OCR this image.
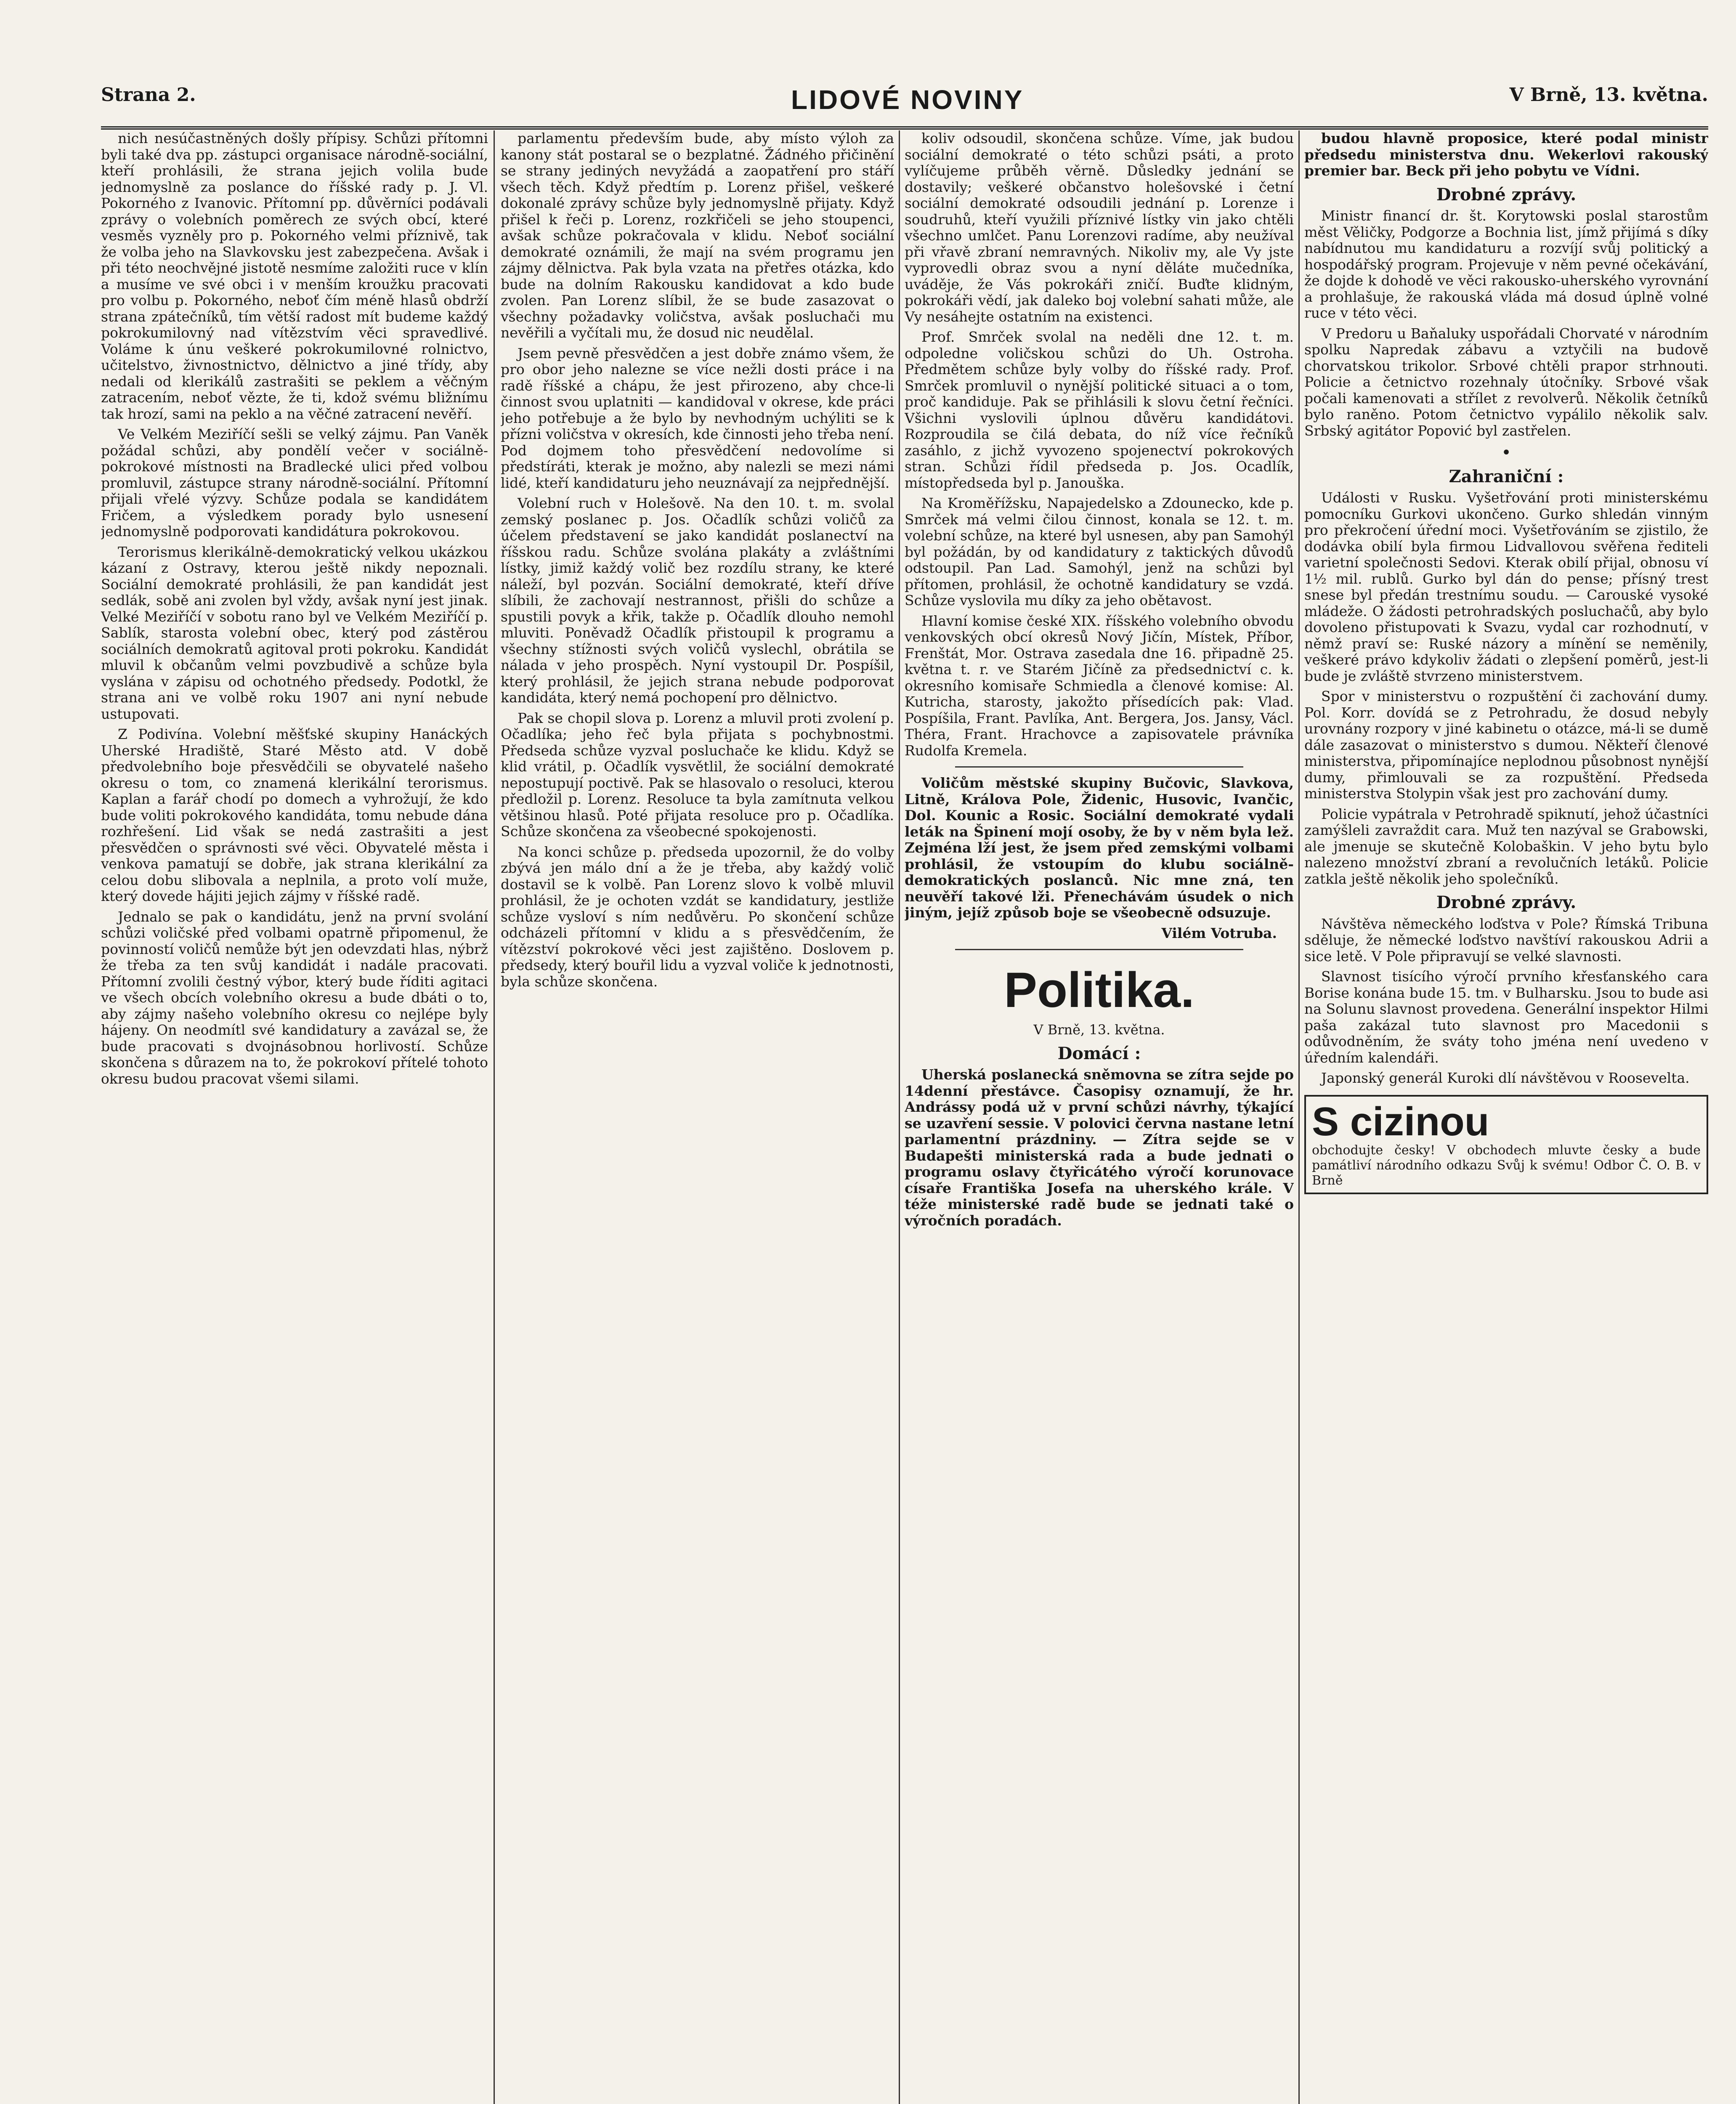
Strana 2.	LIDOVÉ NOVINY	V Brně, 13. května.

nich nesúčastněných došly přípisy. Schůzi přítomni byli také dva pp. zástupci organisace národně-sociální, kteří prohlásili, že strana jejich volila bude jednomyslně za poslance do říšské rady p. J. Vl. Pokorného z Ivanovic. Přítomní pp. důvěrníci podávali zprávy o volebních poměrech ze svých obcí, které vesměs vyzněly pro p. Pokorného velmi příznivě, tak že volba jeho na Slavkovsku jest zabezpečena. Avšak i při této neochvějné jistotě nesmíme založiti ruce v klín a musíme ve své obci i v menším kroužku pracovati pro volbu p. Pokorného, neboť čím méně hlasů obdrží strana zpátečníků, tím větší radost mít budeme každý pokrokumilovný nad vítězstvím věci spravedlivé. Voláme k únu veškeré pokrokumilovné rolnictvo, učitelstvo, živnostnictvo, dělnictvo a jiné třídy, aby nedali od klerikálů zastrašiti se peklem a věčným zatracením, neboť vězte, že ti, kdož svému bližnímu tak hrozí, sami na peklo a na věčné zatracení nevěří.

Ve Velkém Meziříčí sešli se velký zájmu. Pan Vaněk požádal schůzi, aby pondělí večer v sociálně-pokrokové místnosti na Bradlecké ulici před volbou promluvil, zástupce strany národně-sociální. Přítomní přijali vřelé výzvy. Schůze podala se kandidátem Fričem, a výsledkem porady bylo usnesení jednomyslně podporovati kandidátura pokrokovou.

Terorismus klerikálně-demokratický velkou ukázkou kázaní z Ostravy, kterou ještě nikdy nepoznali. Sociální demokraté prohlásili, že pan kandidát jest sedlák, sobě ani zvolen byl vždy, avšak nyní jest jinak. Velké Meziříčí v sobotu rano byl ve Velkém Meziříčí p. Sablík, starosta volební obec, který pod zástěrou sociálních demokratů agitoval proti pokroku. Kandidát mluvil k občanům velmi povzbudivě a schůze byla vyslána v zápisu od ochotného předsedy. Podotkl, že strana ani ve volbě roku 1907 ani nyní nebude ustupovati.

Z Podivína. Volební měšťské skupiny Hanáckých Uherské Hradiště, Staré Město atd. V době předvolebního boje přesvědčili se obyvatelé našeho okresu o tom, co znamená klerikální terorismus. Kaplan a farář chodí po domech a vyhrožují, že kdo bude voliti pokrokového kandidáta, tomu nebude dána rozhřešení. Lid však se nedá zastrašiti a jest přesvědčen o správnosti své věci. Obyvatelé města i venkova pamatují se dobře, jak strana klerikální za celou dobu slibovala a neplnila, a proto volí muže, který dovede hájiti jejich zájmy v říšské radě.

Jednalo se pak o kandidátu, jenž na první svolání schůzi voličské před volbami opatrně připomenul, že povinností voličů nemůže být jen odevzdati hlas, nýbrž že třeba za ten svůj kandidát i nadále pracovati. Přítomní zvolili čestný výbor, který bude říditi agitaci ve všech obcích volebního okresu a bude dbáti o to, aby zájmy našeho volebního okresu co nejlépe byly hájeny. On neodmítl své kandidatury a zavázal se, že bude pracovati s dvojnásobnou horlivostí. Schůze skončena s důrazem na to, že pokrokoví přítelé tohoto okresu budou pracovat všemi silami.

parlamentu především bude, aby místo výloh za kanony stát postaral se o bezplatné. Žádného přičinění se strany jediných nevyžádá a zaopatření pro stáří všech těch. Když předtím p. Lorenz přišel, veškeré dokonalé zprávy schůze byly jednomyslně přijaty. Když přišel k řeči p. Lorenz, rozkřičeli se jeho stoupenci, avšak schůze pokračovala v klidu. Neboť sociální demokraté oznámili, že mají na svém programu jen zájmy dělnictva. Pak byla vzata na přetřes otázka, kdo bude na dolním Rakousku kandidovat a kdo bude zvolen. Pan Lorenz slíbil, že se bude zasazovat o všechny požadavky voličstva, avšak posluchači mu nevěřili a vyčítali mu, že dosud nic neudělal.

Jsem pevně přesvědčen a jest dobře známo všem, že pro obor jeho nalezne se více nežli dosti práce i na radě říšské a chápu, že jest přirozeno, aby chce-li činnost svou uplatniti — kandidoval v okrese, kde práci jeho potřebuje a že bylo by nevhodným uchýliti se k přízni voličstva v okresích, kde činnosti jeho třeba není. Pod dojmem toho přesvědčení nedovolíme si předstíráti, kterak je možno, aby nalezli se mezi námi lidé, kteří kandidaturu jeho neuznávají za nejpřednější.

Volební ruch v Holešově. Na den 10. t. m. svolal zemský poslanec p. Jos. Očadlík schůzi voličů za účelem představení se jako kandidát poslanectví na říšskou radu. Schůze svolána plakáty a zvláštními lístky, jimiž každý volič bez rozdílu strany, ke které náleží, byl pozván. Sociální demokraté, kteří dříve slíbili, že zachovají nestrannost, přišli do schůze a spustili povyk a křik, takže p. Očadlík dlouho nemohl mluviti. Poněvadž Očadlík přistoupil k programu a všechny stížnosti svých voličů vyslechl, obrátila se nálada v jeho prospěch. Nyní vystoupil Dr. Pospíšil, který prohlásil, že jejich strana nebude podporovat kandidáta, který nemá pochopení pro dělnictvo.

Pak se chopil slova p. Lorenz a mluvil proti zvolení p. Očadlíka; jeho řeč byla přijata s pochybnostmi. Předseda schůze vyzval posluchače ke klidu. Když se klid vrátil, p. Očadlík vysvětlil, že sociální demokraté nepostupují poctivě. Pak se hlasovalo o resoluci, kterou předložil p. Lorenz. Resoluce ta byla zamítnuta velkou většinou hlasů. Poté přijata resoluce pro p. Očadlíka. Schůze skončena za všeobecné spokojenosti.

Na konci schůze p. předseda upozornil, že do volby zbývá jen málo dní a že je třeba, aby každý volič dostavil se k volbě. Pan Lorenz slovo k volbě mluvil prohlásil, že je ochoten vzdát se kandidatury, jestliže schůze vysloví s ním nedůvěru. Po skončení schůze odcházeli přítomní v klidu a s přesvědčením, že vítězství pokrokové věci jest zajištěno. Doslovem p. předsedy, který bouřil lidu a vyzval voliče k jednotnosti, byla schůze skončena.

koliv odsoudil, skončena schůze. Víme, jak budou sociální demokraté o této schůzi psáti, a proto vylíčujeme průběh věrně. Důsledky jednání se dostavily; veškeré občanstvo holešovské i četní sociální demokraté odsoudili jednání p. Lorenze i soudruhů, kteří využili příznivé lístky vin jako chtěli všechno umlčet. Panu Lorenzovi radíme, aby neužíval při vřavě zbraní nemravných. Nikoliv my, ale Vy jste vyprovedli obraz svou a nyní děláte mučedníka, uváděje, že Vás pokrokáři zničí. Buďte klidným, pokrokáři vědí, jak daleko boj volební sahati může, ale Vy nesáhejte ostatním na existenci.

Prof. Smrček svolal na neděli dne 12. t. m. odpoledne voličskou schůzi do Uh. Ostroha. Předmětem schůze byly volby do říšské rady. Prof. Smrček promluvil o nynější politické situaci a o tom, proč kandiduje. Pak se přihlásili k slovu četní řečníci. Všichni vyslovili úplnou důvěru kandidátovi. Rozproudila se čilá debata, do níž více řečníků zasáhlo, z jichž vyvozeno spojenectví pokrokových stran. Schůzi řídil předseda p. Jos. Ocadlík, místopředseda byl p. Janouška.

Na Kroměřížsku, Napajedelsko a Zdounecko, kde p. Smrček má velmi čilou činnost, konala se 12. t. m. volební schůze, na které byl usnesen, aby pan Samohýl byl požádán, by od kandidatury z taktických důvodů odstoupil. Pan Lad. Samohýl, jenž na schůzi byl přítomen, prohlásil, že ochotně kandidatury se vzdá. Schůze vyslovila mu díky za jeho obětavost.

Hlavní komise české XIX. říšského volebního obvodu venkovských obcí okresů Nový Jičín, Místek, Příbor, Frenštát, Mor. Ostrava zasedala dne 16. připadně 25. května t. r. ve Starém Jičíně za předsednictví c. k. okresního komisaře Schmiedla a členové komise: Al. Kutricha, starosty, jakožto přísedících pak: Vlad. Pospíšila, Frant. Pavlíka, Ant. Bergera, Jos. Jansy, Václ. Théra, Frant. Hrachovce a zapisovatele právníka Rudolfa Kremela.

Voličům městské skupiny Bučovic, Slavkova, Litně, Králova Pole, Židenic, Husovic, Ivančic, Dol. Kounic a Rosic. Sociální demokraté vydali leták na Špinení mojí osoby, že by v něm byla lež. Zejména lží jest, že jsem před zemskými volbami prohlásil, že vstoupím do klubu sociálně-demokratických poslanců. Nic mne zná, ten neuvěří takové lži. Přenechávám úsudek o nich jiným, jejíž způsob boje se všeobecně odsuzuje.

Vilém Votruba.
Politika.
V Brně, 13. května.
Domácí :

Uherská poslanecká sněmovna se zítra sejde po 14denní přestávce. Časopisy oznamují, že hr. Andrássy podá už v první schůzi návrhy, týkající se uzavření sessie. V polovici června nastane letní parlamentní prázdniny. — Zítra sejde se v Budapešti ministerská rada a bude jednati o programu oslavy čtyřicátého výročí korunovace císaře Františka Josefa na uherského krále. V téže ministerské radě bude se jednati také o výročních poradách.

budou hlavně proposice, které podal ministr předsedu ministerstva dnu. Wekerlovi rakouský premier bar. Beck při jeho pobytu ve Vídni.

Drobné zprávy.

Ministr financí dr. št. Korytowski poslal starostům měst Věličky, Podgorze a Bochnia list, jímž přijímá s díky nabídnutou mu kandidaturu a rozvíjí svůj politický a hospodářský program. Projevuje v něm pevné očekávání, že dojde k dohodě ve věci rakousko-uherského vyrovnání a prohlašuje, že rakouská vláda má dosud úplně volné ruce v této věci.

V Predoru u Baňaluky uspořádali Chorvaté v národním spolku Napredak zábavu a vztyčili na budově chorvatskou trikolor. Srbové chtěli prapor strhnouti. Policie a četnictvo rozehnaly útočníky. Srbové však počali kamenovati a střílet z revolverů. Několik četníků bylo raněno. Potom četnictvo vypálilo několik salv. Srbský agitátor Popović byl zastřelen.

•
Zahraniční :

Události v Rusku. Vyšetřování proti ministerskému pomocníku Gurkovi ukončeno. Gurko shledán vinným pro překročení úřední moci. Vyšetřováním se zjistilo, že dodávka obilí byla firmou Lidvallovou svěřena řediteli varietní společnosti Sedovi. Kterak obilí přijal, obnosu ví 1½ mil. rublů. Gurko byl dán do pense; přísný trest snese byl předán trestnímu soudu. — Carouské vysoké mládeže. O žádosti petrohradských posluchačů, aby bylo dovoleno přistupovati k Svazu, vydal car rozhodnutí, v němž praví se: Ruské názory a mínění se neměnily, veškeré právo kdykoliv žádati o zlepšení poměrů, jest-li bude je zvláště stvrzeno ministerstvem.

Spor v ministerstvu o rozpuštění či zachování dumy. Pol. Korr. dovídá se z Petrohradu, že dosud nebyly urovnány rozpory v jiné kabinetu o otázce, má-li se dumě dále zasazovat o ministerstvo s dumou. Někteří členové ministerstva, připomínajíce neplodnou působnost nynější dumy, přimlouvali se za rozpuštění. Předseda ministerstva Stolypin však jest pro zachování dumy.

Policie vypátrala v Petrohradě spiknutí, jehož účastníci zamýšleli zavraždit cara. Muž ten nazýval se Grabowski, ale jmenuje se skutečně Kolobaškin. V jeho bytu bylo nalezeno množství zbraní a revolučních letáků. Policie zatkla ještě několik jeho společníků.

Drobné zprávy.

Návštěva německého loďstva v Pole? Římská Tribuna sděluje, že německé loďstvo navštíví rakouskou Adrii a sice letě. V Pole připravují se velké slavnosti.

Slavnost tisícího výročí prvního křesťanského cara Borise konána bude 15. tm. v Bulharsku. Jsou to bude asi na Solunu slavnost provedena. Generální inspektor Hilmi paša zakázal tuto slavnost pro Macedonii s odůvodněním, že sváty toho jména není uvedeno v úředním kalendáři.

Japonský generál Kuroki dlí návštěvou v Roosevelta.

S cizinou
obchodujte česky! V obchodech mluvte česky a bude památliví národního odkazu Svůj k svému! Odbor Č. O. B. v Brně
